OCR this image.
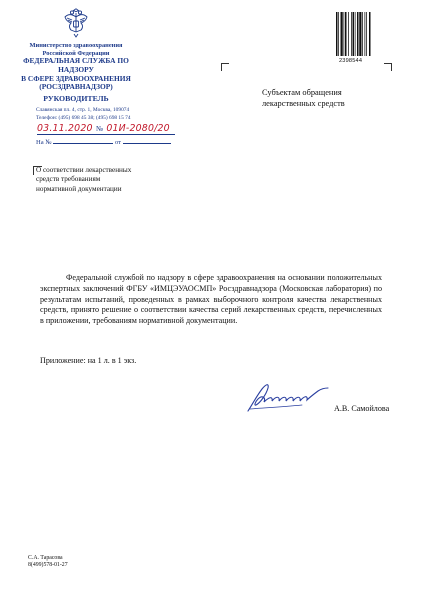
Министерство здравоохранения
Российской Федерации
ФЕДЕРАЛЬНАЯ СЛУЖБА ПО НАДЗОРУ
В СФЕРЕ ЗДРАВООХРАНЕНИЯ
(РОСЗДРАВНАДЗОР)
РУКОВОДИТЕЛЬ
Славянская пл. 4, стр. 1, Москва, 109074
Телефон: (495) 698 45 38; (495) 698 15 74
03.11.2020 № 01И-2080/20
На №	от
О соответствии лекарственных
средств требованиям
нормативной документации
Субъектам обращения
лекарственных средств
2398544
Федеральной службой по надзору в сфере здравоохранения на основании положительных экспертных заключений ФГБУ «ИМЦЭУАОСМП» Росздравнадзора (Московская лаборатория) по результатам испытаний, проведенных в рамках выборочного контроля качества лекарственных средств, принято решение о соответствии качества серий лекарственных средств, перечисленных в приложении, требованиям нормативной документации.
Приложение: на 1 л. в 1 экз.
А.В. Самойлова
С.А. Тарасова
8(499)578-01-27
